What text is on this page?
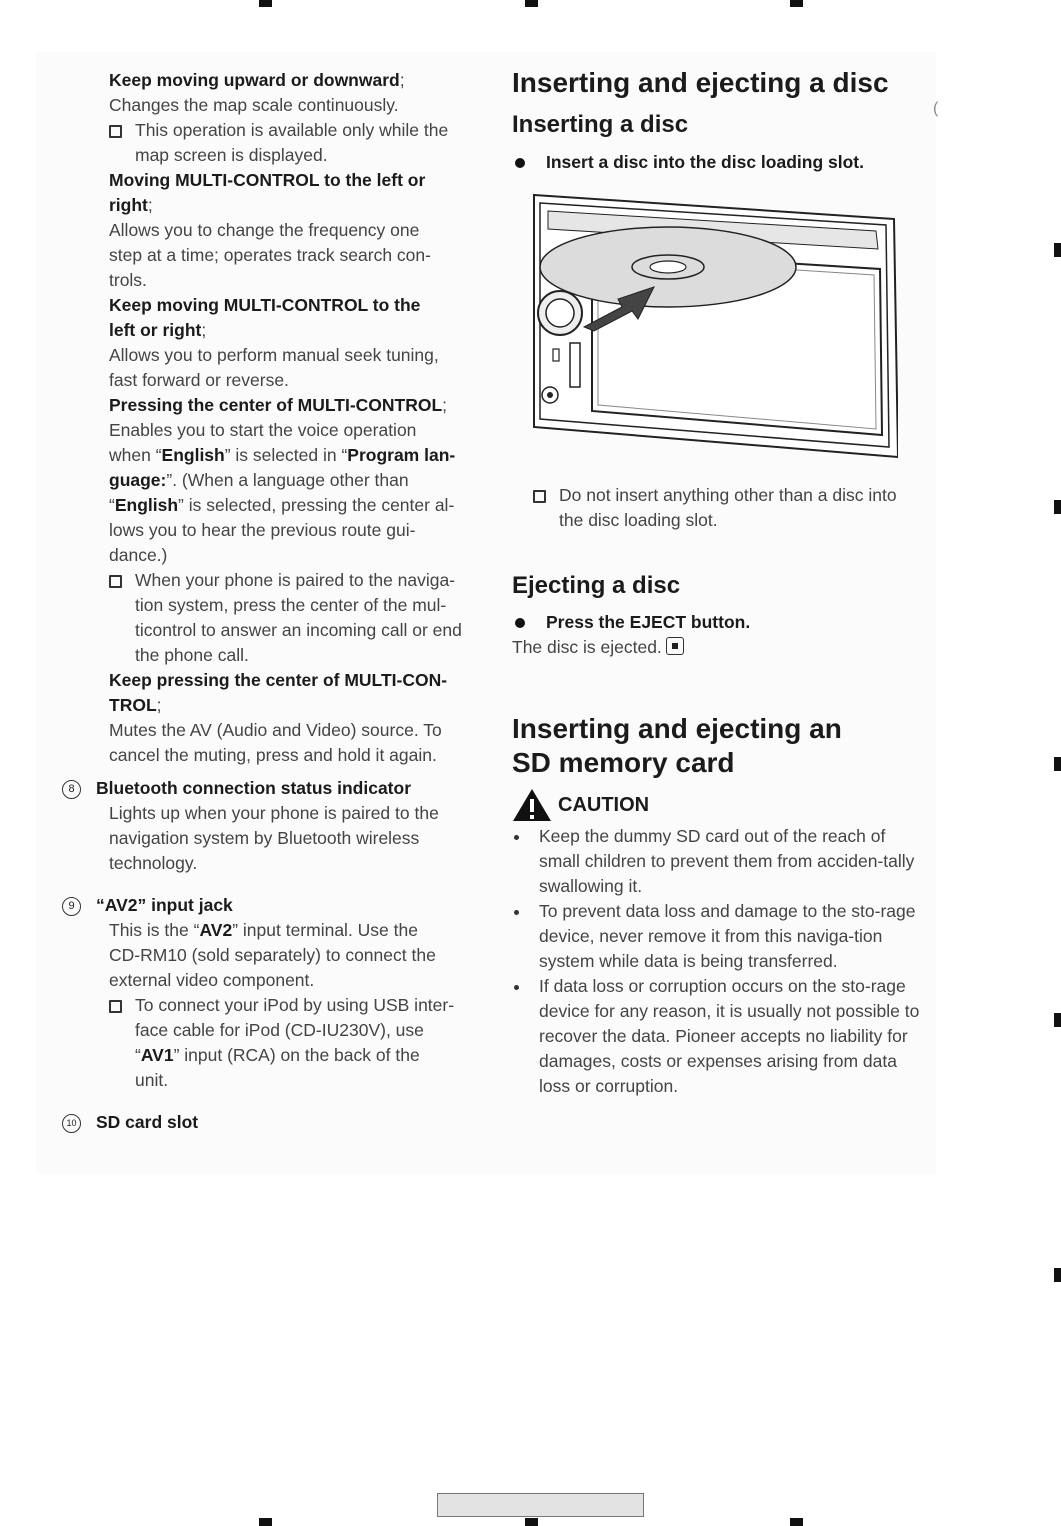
Keep moving upward or downward;

Changes the map scale continuously.

This operation is available only while the map screen is displayed.

Moving MULTI-CONTROL to the left or

right;

Allows you to change the frequency one

step at a time; operates track search con-

trols.

Keep moving MULTI-CONTROL to the

left or right;

Allows you to perform manual seek tuning,

fast forward or reverse.

Pressing the center of MULTI-CONTROL;

Enables you to start the voice operation

when “English” is selected in “Program lan-

guage:”. (When a language other than

“English” is selected, pressing the center al-

lows you to hear the previous route gui-

dance.)

When your phone is paired to the naviga-tion system, press the center of the mul-ticontrol to answer an incoming call or end the phone call.

Keep pressing the center of MULTI-CON-

TROL;

Mutes the AV (Audio and Video) source. To cancel the muting, press and hold it again.

8	Bluetooth connection status indicator

Lights up when your phone is paired to the navigation system by Bluetooth wireless technology.

9	“AV2” input jack

This is the “AV2” input terminal. Use the

CD-RM10 (sold separately) to connect the

external video component.

To connect your iPod by using USB inter-

face cable for iPod (CD-IU230V), use

“AV1” input (RCA) on the back of the

unit.

10 SD card slot
Inserting and ejecting a disc
Inserting a disc
Insert a disc into the disc loading slot.
Do not insert anything other than a disc into the disc loading slot.
Ejecting a disc
Press the EJECT button.

The disc is ejected.

Inserting and ejecting an
SD memory card
CAUTION
Keep the dummy SD card out of the reach of small children to prevent them from acciden-tally swallowing it.
To prevent data loss and damage to the sto-rage device, never remove it from this naviga-tion system while data is being transferred.
If data loss or corruption occurs on the sto-rage device for any reason, it is usually not possible to recover the data. Pioneer accepts no liability for damages, costs or expenses arising from data loss or corruption.
(
